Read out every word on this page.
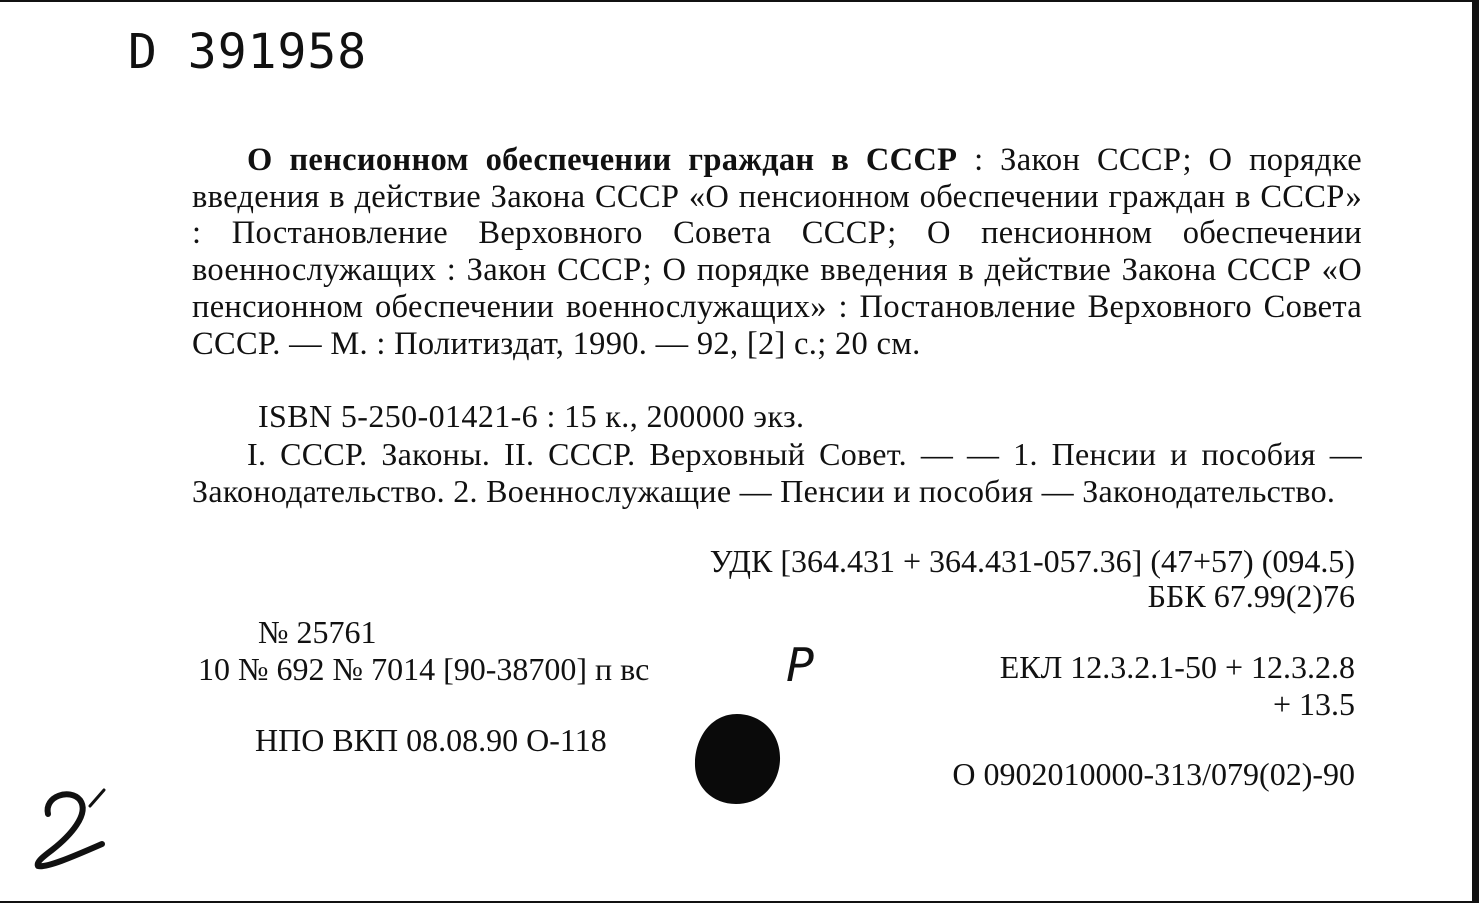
D 391958
О пенсионном обеспечении граждан в СССР : Закон СССР; О порядке введения в действие Закона СССР «О пенсионном обеспечении граждан в СССР» : Постановление Верховного Совета СССР; О пенсионном обеспечении военнослужащих : Закон СССР; О порядке введения в действие Закона СССР «О пенсионном обеспечении военнослужащих» : Постановление Верховного Совета СССР. — М. : Политиздат, 1990. — 92, [2] с.; 20 см.
ISBN 5-250-01421-6 : 15 к., 200000 экз.
I. СССР. Законы. II. СССР. Верховный Совет. — — 1. Пенсии и пособия — Законодательство. 2. Военнослужащие — Пенсии и пособия — Законодательство.
УДК [364.431 + 364.431-057.36] (47+57) (094.5)
ББК 67.99(2)76
№ 25761
10 № 692 № 7014 [90-38700] п вс	Р	ЕКЛ 12.3.2.1-50 + 12.3.2.8
+ 13.5
НПО ВКП 08.08.90 О-118
О 0902010000-313/079(02)-90
